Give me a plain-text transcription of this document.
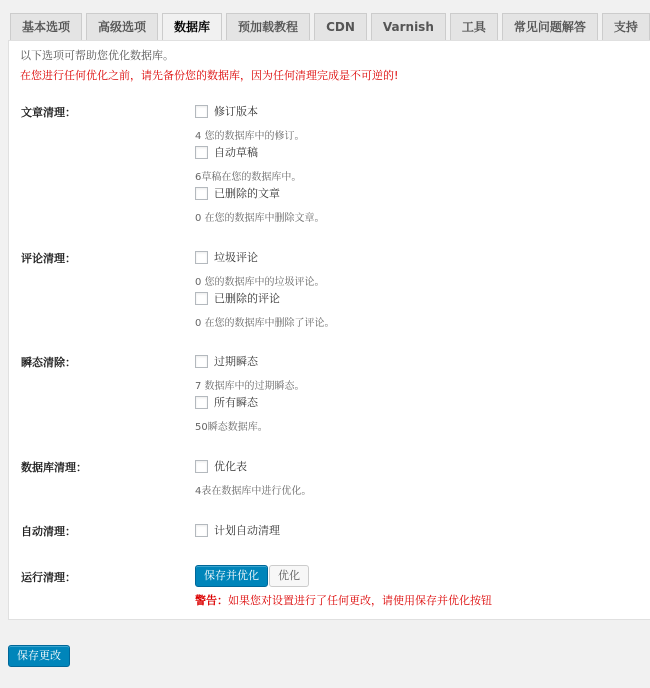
基本选项	高级选项	数据库	预加载教程	CDN	Varnish	工具	常见问题解答	支持
以下选项可帮助您优化数据库。
在您进行任何优化之前，请先备份您的数据库，因为任何清理完成是不可逆的!
文章清理：	修订版本
4 您的数据库中的修订。
自动草稿
6草稿在您的数据库中。
已删除的文章
0 在您的数据库中删除文章。
评论清理：	垃圾评论
0 您的数据库中的垃圾评论。
已删除的评论
0 在您的数据库中删除了评论。
瞬态清除：	过期瞬态
7 数据库中的过期瞬态。
所有瞬态
50瞬态数据库。
数据库清理：	优化表
4表在数据库中进行优化。
自动清理：	计划自动清理
运行清理：	保存并优化	优化
警告：如果您对设置进行了任何更改，请使用保存并优化按钮
保存更改
